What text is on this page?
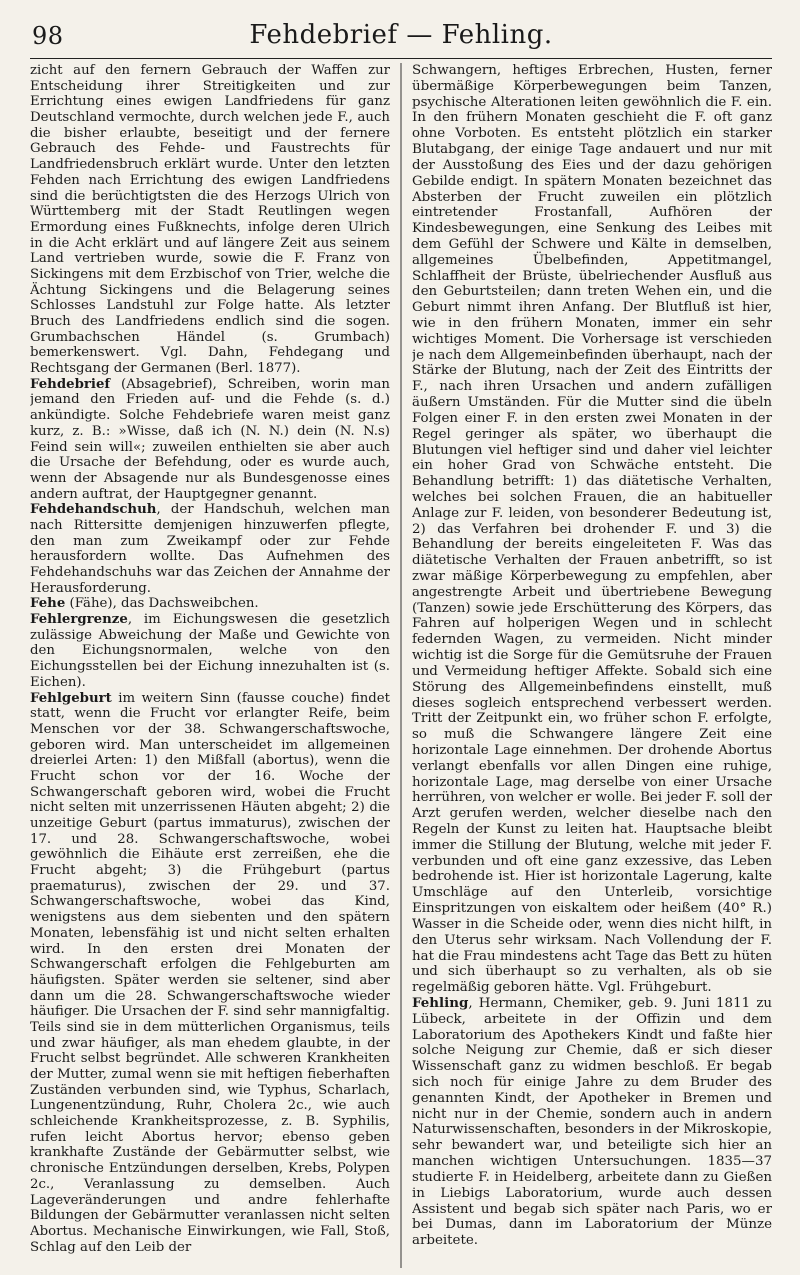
98	Fehdebrief — Fehling.

zicht auf den fernern Gebrauch der Waffen zur Entscheidung ihrer Streitigkeiten und zur Errichtung eines ewigen Landfriedens für ganz Deutschland vermochte, durch welchen jede F., auch die bisher erlaubte, beseitigt und der fernere Gebrauch des Fehde- und Faustrechts für Landfriedensbruch erklärt wurde. Unter den letzten Fehden nach Errichtung des ewigen Landfriedens sind die berüchtigtsten die des Herzogs Ulrich von Württemberg mit der Stadt Reutlingen wegen Ermordung eines Fußknechts, infolge deren Ulrich in die Acht erklärt und auf längere Zeit aus seinem Land vertrieben wurde, sowie die F. Franz von Sickingens mit dem Erzbischof von Trier, welche die Ächtung Sickingens und die Belagerung seines Schlosses Landstuhl zur Folge hatte. Als letzter Bruch des Landfriedens endlich sind die sogen. Grumbachschen Händel (s. Grumbach) bemerkenswert. Vgl. Dahn, Fehdegang und Rechtsgang der Germanen (Berl. 1877).

Fehdebrief (Absagebrief), Schreiben, worin man jemand den Frieden auf- und die Fehde (s. d.) ankündigte. Solche Fehdebriefe waren meist ganz kurz, z. B.: »Wisse, daß ich (N. N.) dein (N. N.s) Feind sein will«; zuweilen enthielten sie aber auch die Ursache der Befehdung, oder es wurde auch, wenn der Absagende nur als Bundesgenosse eines andern auftrat, der Hauptgegner genannt.

Fehdehandschuh, der Handschuh, welchen man nach Rittersitte demjenigen hinzuwerfen pflegte, den man zum Zweikampf oder zur Fehde herausfordern wollte. Das Aufnehmen des Fehdehandschuhs war das Zeichen der Annahme der Herausforderung.

Fehe (Fähe), das Dachsweibchen.

Fehlergrenze, im Eichungswesen die gesetzlich zulässige Abweichung der Maße und Gewichte von den Eichungsnormalen, welche von den Eichungsstellen bei der Eichung innezuhalten ist (s. Eichen).

Fehlgeburt im weitern Sinn (fausse couche) findet statt, wenn die Frucht vor erlangter Reife, beim Menschen vor der 38. Schwangerschaftswoche, geboren wird. Man unterscheidet im allgemeinen dreierlei Arten: 1) den Mißfall (abortus), wenn die Frucht schon vor der 16. Woche der Schwangerschaft geboren wird, wobei die Frucht nicht selten mit unzerrissenen Häuten abgeht; 2) die unzeitige Geburt (partus immaturus), zwischen der 17. und 28. Schwangerschaftswoche, wobei gewöhnlich die Eihäute erst zerreißen, ehe die Frucht abgeht; 3) die Frühgeburt (partus praematurus), zwischen der 29. und 37. Schwangerschaftswoche, wobei das Kind, wenigstens aus dem siebenten und den spätern Monaten, lebensfähig ist und nicht selten erhalten wird. In den ersten drei Monaten der Schwangerschaft erfolgen die Fehlgeburten am häufigsten. Später werden sie seltener, sind aber dann um die 28. Schwangerschaftswoche wieder häufiger. Die Ursachen der F. sind sehr mannigfaltig. Teils sind sie in dem mütterlichen Organismus, teils und zwar häufiger, als man ehedem glaubte, in der Frucht selbst begründet. Alle schweren Krankheiten der Mutter, zumal wenn sie mit heftigen fieberhaften Zuständen verbunden sind, wie Typhus, Scharlach, Lungenentzündung, Ruhr, Cholera 2c., wie auch schleichende Krankheitsprozesse, z. B. Syphilis, rufen leicht Abortus hervor; ebenso geben krankhafte Zustände der Gebärmutter selbst, wie chronische Entzündungen derselben, Krebs, Polypen 2c., Veranlassung zu demselben. Auch Lageveränderungen und andre fehlerhafte Bildungen der Gebärmutter veranlassen nicht selten Abortus. Mechanische Einwirkungen, wie Fall, Stoß, Schlag auf den Leib der

Schwangern, heftiges Erbrechen, Husten, ferner übermäßige Körperbewegungen beim Tanzen, psychische Alterationen leiten gewöhnlich die F. ein. In den frühern Monaten geschieht die F. oft ganz ohne Vorboten. Es entsteht plötzlich ein starker Blutabgang, der einige Tage andauert und nur mit der Ausstoßung des Eies und der dazu gehörigen Gebilde endigt. In spätern Monaten bezeichnet das Absterben der Frucht zuweilen ein plötzlich eintretender Frostanfall, Aufhören der Kindesbewegungen, eine Senkung des Leibes mit dem Gefühl der Schwere und Kälte in demselben, allgemeines Übelbefinden, Appetitmangel, Schlaffheit der Brüste, übelriechender Ausfluß aus den Geburtsteilen; dann treten Wehen ein, und die Geburt nimmt ihren Anfang. Der Blutfluß ist hier, wie in den frühern Monaten, immer ein sehr wichtiges Moment. Die Vorhersage ist verschieden je nach dem Allgemeinbefinden überhaupt, nach der Stärke der Blutung, nach der Zeit des Eintritts der F., nach ihren Ursachen und andern zufälligen äußern Umständen. Für die Mutter sind die übeln Folgen einer F. in den ersten zwei Monaten in der Regel geringer als später, wo überhaupt die Blutungen viel heftiger sind und daher viel leichter ein hoher Grad von Schwäche entsteht. Die Behandlung betrifft: 1) das diätetische Verhalten, welches bei solchen Frauen, die an habitueller Anlage zur F. leiden, von besonderer Bedeutung ist, 2) das Verfahren bei drohender F. und 3) die Behandlung der bereits eingeleiteten F. Was das diätetische Verhalten der Frauen anbetrifft, so ist zwar mäßige Körperbewegung zu empfehlen, aber angestrengte Arbeit und übertriebene Bewegung (Tanzen) sowie jede Erschütterung des Körpers, das Fahren auf holperigen Wegen und in schlecht federnden Wagen, zu vermeiden. Nicht minder wichtig ist die Sorge für die Gemütsruhe der Frauen und Vermeidung heftiger Affekte. Sobald sich eine Störung des Allgemeinbefindens einstellt, muß dieses sogleich entsprechend verbessert werden. Tritt der Zeitpunkt ein, wo früher schon F. erfolgte, so muß die Schwangere längere Zeit eine horizontale Lage einnehmen. Der drohende Abortus verlangt ebenfalls vor allen Dingen eine ruhige, horizontale Lage, mag derselbe von einer Ursache herrühren, von welcher er wolle. Bei jeder F. soll der Arzt gerufen werden, welcher dieselbe nach den Regeln der Kunst zu leiten hat. Hauptsache bleibt immer die Stillung der Blutung, welche mit jeder F. verbunden und oft eine ganz exzessive, das Leben bedrohende ist. Hier ist horizontale Lagerung, kalte Umschläge auf den Unterleib, vorsichtige Einspritzungen von eiskaltem oder heißem (40° R.) Wasser in die Scheide oder, wenn dies nicht hilft, in den Uterus sehr wirksam. Nach Vollendung der F. hat die Frau mindestens acht Tage das Bett zu hüten und sich überhaupt so zu verhalten, als ob sie regelmäßig geboren hätte. Vgl. Frühgeburt.

Fehling, Hermann, Chemiker, geb. 9. Juni 1811 zu Lübeck, arbeitete in der Offizin und dem Laboratorium des Apothekers Kindt und faßte hier solche Neigung zur Chemie, daß er sich dieser Wissenschaft ganz zu widmen beschloß. Er begab sich noch für einige Jahre zu dem Bruder des genannten Kindt, der Apotheker in Bremen und nicht nur in der Chemie, sondern auch in andern Naturwissenschaften, besonders in der Mikroskopie, sehr bewandert war, und beteiligte sich hier an manchen wichtigen Untersuchungen. 1835—37 studierte F. in Heidelberg, arbeitete dann zu Gießen in Liebigs Laboratorium, wurde auch dessen Assistent und begab sich später nach Paris, wo er bei Dumas, dann im Laboratorium der Münze arbeitete.
